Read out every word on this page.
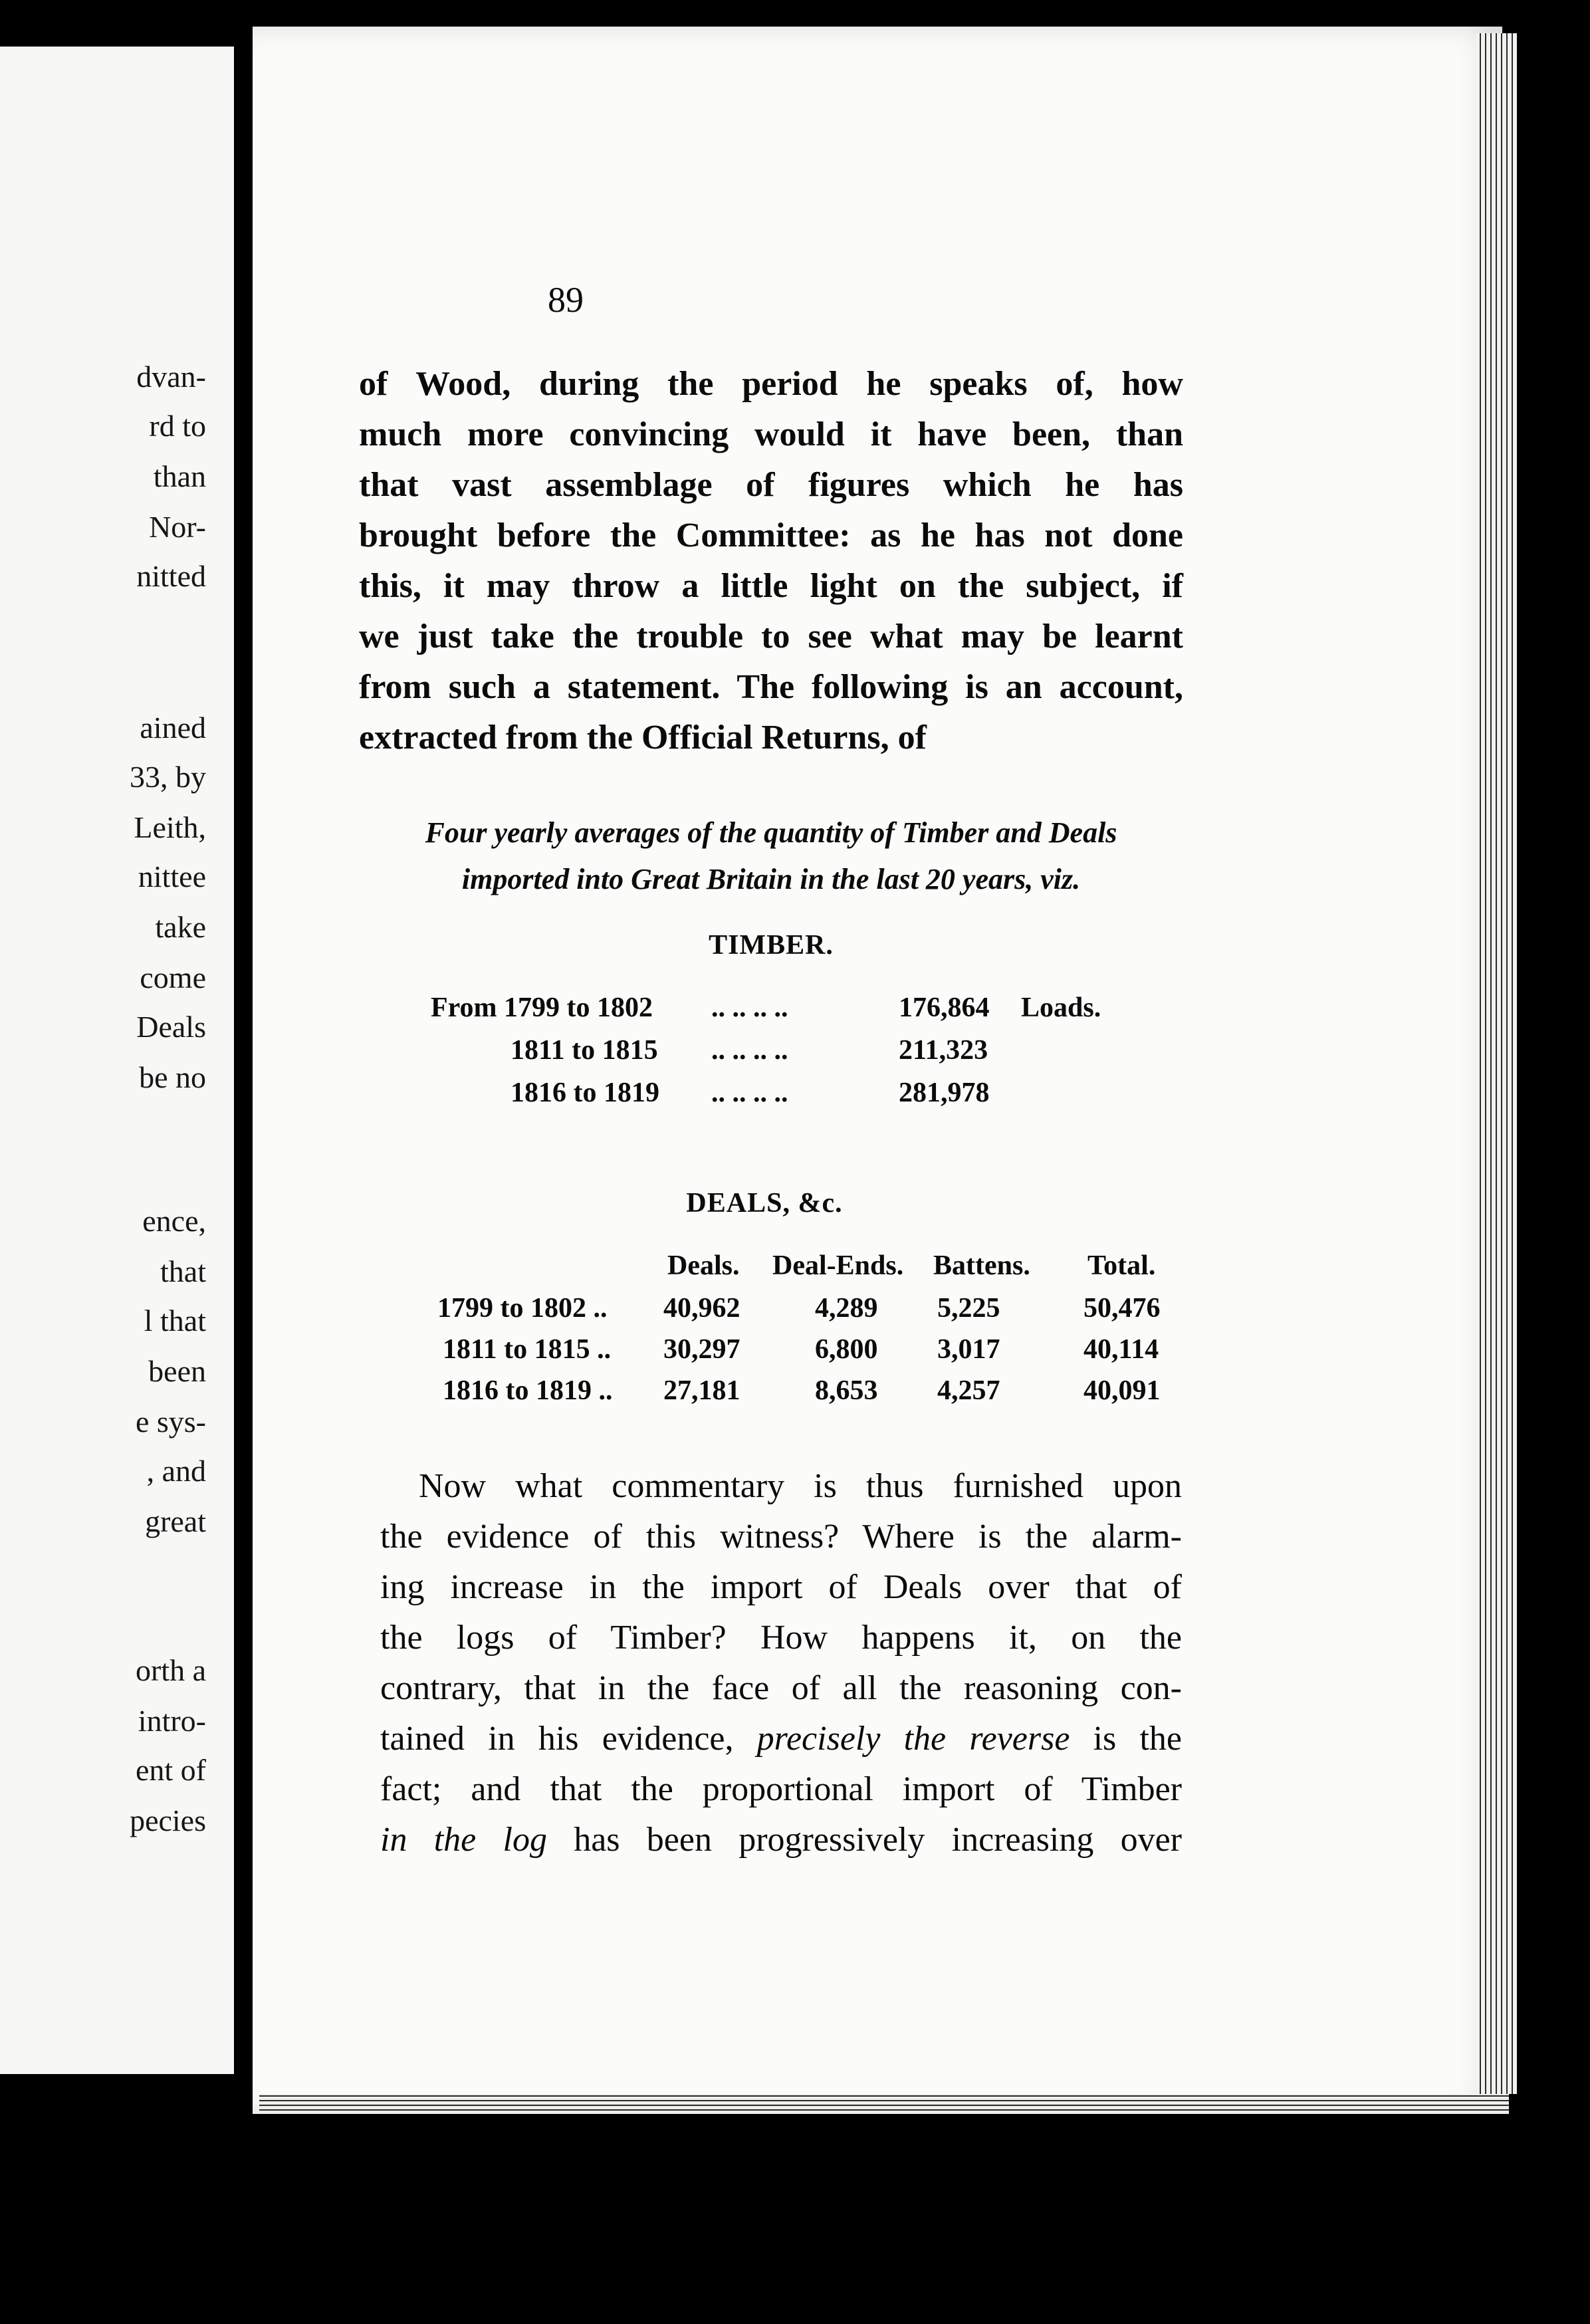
dvan-
rd to
than
Nor-
nitted
ained
33, by
Leith,
nittee
take
come
Deals
be no
ence,
that
l that
been
e sys-
, and
great
orth a
intro-
ent of
pecies
89
of Wood, during the period he speaks of, how
much more convincing would it have been, than
that vast assemblage of figures which he has
brought before the Committee: as he has not done
this, it may throw a little light on the subject, if
we just take the trouble to see what may be learnt
from such a statement. The following is an account,
extracted from the Official Returns, of
Four yearly averages of the quantity of Timber and Deals
imported into Great Britain in the last 20 years, viz.
TIMBER.
From 1799 to 1802 .. .. .. ..	176,864 Loads.
1811 to 1815 .. .. .. ..	211,323
1816 to 1819 .. .. .. ..	281,978
DEALS, &c.
Deals. Deal-Ends. Battens. Total.
1799 to 1802 .. 40,962	4,289 5,225	50,476
1811 to 1815 .. 30,297	6,800 3,017	40,114
1816 to 1819 .. 27,181	8,653 4,257	40,091
Now what commentary is thus furnished upon
the evidence of this witness? Where is the alarm-
ing increase in the import of Deals over that of
the logs of Timber? How happens it, on the
contrary, that in the face of all the reasoning con-
tained in his evidence, precisely the reverse is the
fact; and that the proportional import of Timber
in the log has been progressively increasing over
